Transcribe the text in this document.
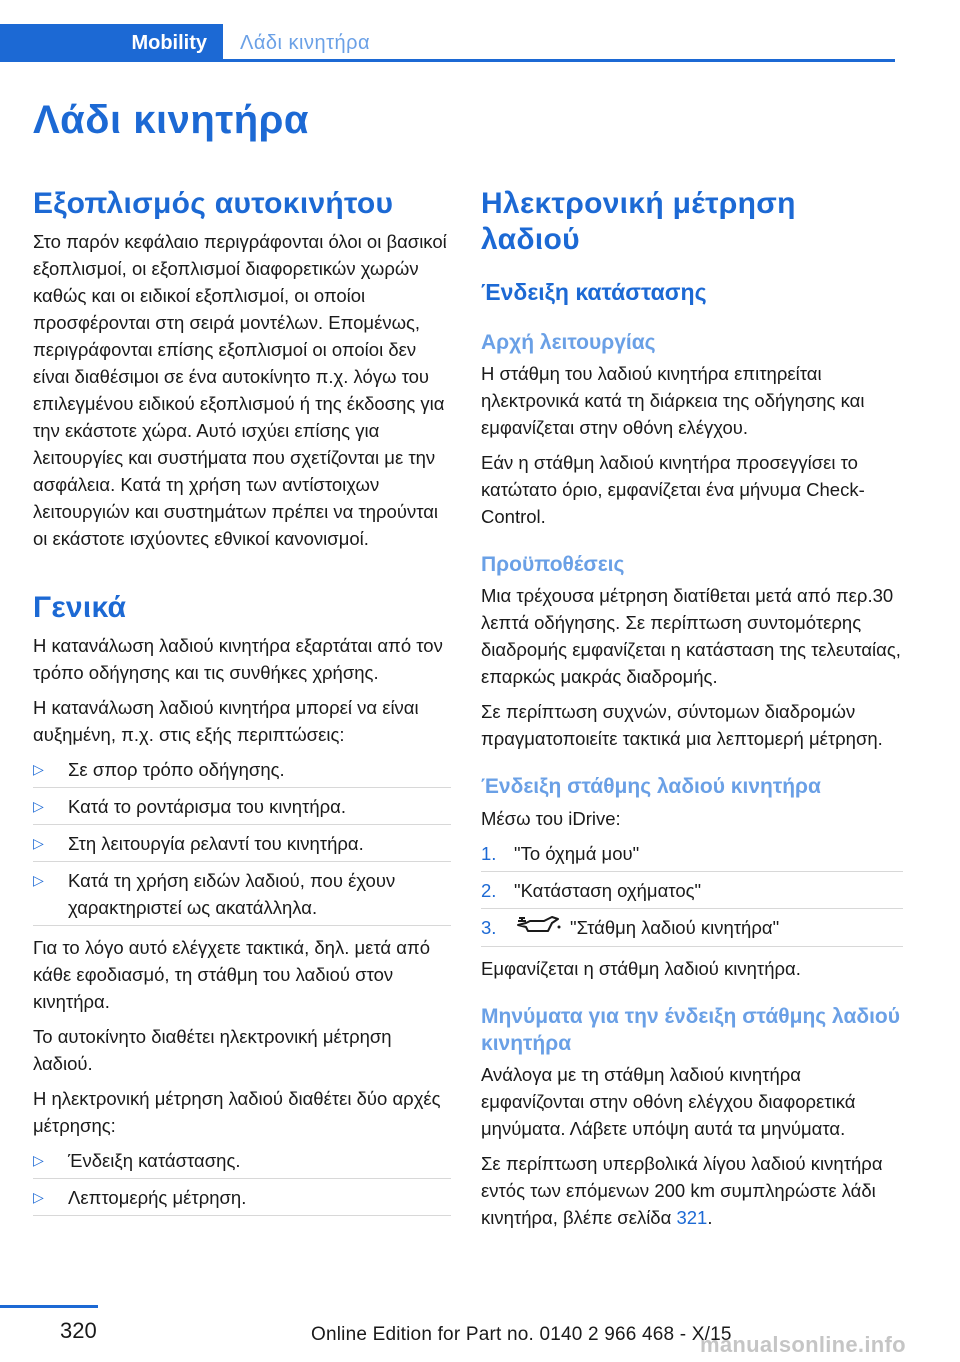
Mobility	Λάδι κινητήρα
Λάδι κινητήρα
Εξοπλισμός αυτοκινήτου

Στο παρόν κεφάλαιο περιγράφονται όλοι οι βασικοί εξοπλισμοί, οι εξοπλισμοί διαφορετικών χωρών καθώς και οι ειδικοί εξοπλισμοί, οι οποίοι προσφέρονται στη σειρά μοντέλων. Επομένως, περιγράφονται επίσης εξοπλισμοί οι οποίοι δεν είναι διαθέσιμοι σε ένα αυτοκίνητο π.χ. λόγω του επιλεγμένου ειδικού εξοπλισμού ή της έκδοσης για την εκάστοτε χώρα. Αυτό ισχύει επίσης για λειτουργίες και συστήματα που σχετίζονται με την ασφάλεια. Κατά τη χρήση των αντίστοιχων λειτουργιών και συστημάτων πρέπει να τηρούνται οι εκάστοτε ισχύοντες εθνικοί κανονισμοί.

Γενικά

Η κατανάλωση λαδιού κινητήρα εξαρτάται από τον τρόπο οδήγησης και τις συνθήκες χρήσης.

Η κατανάλωση λαδιού κινητήρα μπορεί να είναι αυξημένη, π.χ. στις εξής περιπτώσεις:

▷ Σε σπορ τρόπο οδήγησης.
▷ Κατά το ροντάρισμα του κινητήρα.
▷ Στη λειτουργία ρελαντί του κινητήρα.
▷ Κατά τη χρήση ειδών λαδιού, που έχουν χαρακτηριστεί ως ακατάλληλα.

Για το λόγο αυτό ελέγχετε τακτικά, δηλ. μετά από κάθε εφοδιασμό, τη στάθμη του λαδιού στον κινητήρα.

Το αυτοκίνητο διαθέτει ηλεκτρονική μέτρηση λαδιού.

Η ηλεκτρονική μέτρηση λαδιού διαθέτει δύο αρχές μέτρησης:

▷ Ένδειξη κατάστασης.
▷ Λεπτομερής μέτρηση.
Ηλεκτρονική μέτρηση λαδιού
Ένδειξη κατάστασης
Αρχή λειτουργίας

Η στάθμη του λαδιού κινητήρα επιτηρείται ηλεκτρονικά κατά τη διάρκεια της οδήγησης και εμφανίζεται στην οθόνη ελέγχου.

Εάν η στάθμη λαδιού κινητήρα προσεγγίσει το κατώτατο όριο, εμφανίζεται ένα μήνυμα Check-Control.

Προϋποθέσεις

Μια τρέχουσα μέτρηση διατίθεται μετά από περ.30 λεπτά οδήγησης. Σε περίπτωση συντομότερης διαδρομής εμφανίζεται η κατάσταση της τελευταίας, επαρκώς μακράς διαδρομής.

Σε περίπτωση συχνών, σύντομων διαδρομών πραγματοποιείτε τακτικά μια λεπτομερή μέτρηση.

Ένδειξη στάθμης λαδιού κινητήρα

Μέσω του iDrive:

1. "Το όχημά μου"
2. "Κατάσταση οχήματος"
3.	"Στάθμη λαδιού κινητήρα"

Εμφανίζεται η στάθμη λαδιού κινητήρα.

Μηνύματα για την ένδειξη στάθμης λαδιού κινητήρα

Ανάλογα με τη στάθμη λαδιού κινητήρα εμφανίζονται στην οθόνη ελέγχου διαφορετικά μηνύματα. Λάβετε υπόψη αυτά τα μηνύματα.

Σε περίπτωση υπερβολικά λίγου λαδιού κινητήρα εντός των επόμενων 200 km συμπληρώστε λάδι κινητήρα, βλέπε σελίδα 321.

320	Online Edition for Part no. 0140 2 966 468 - X/15
manualsonline.info
